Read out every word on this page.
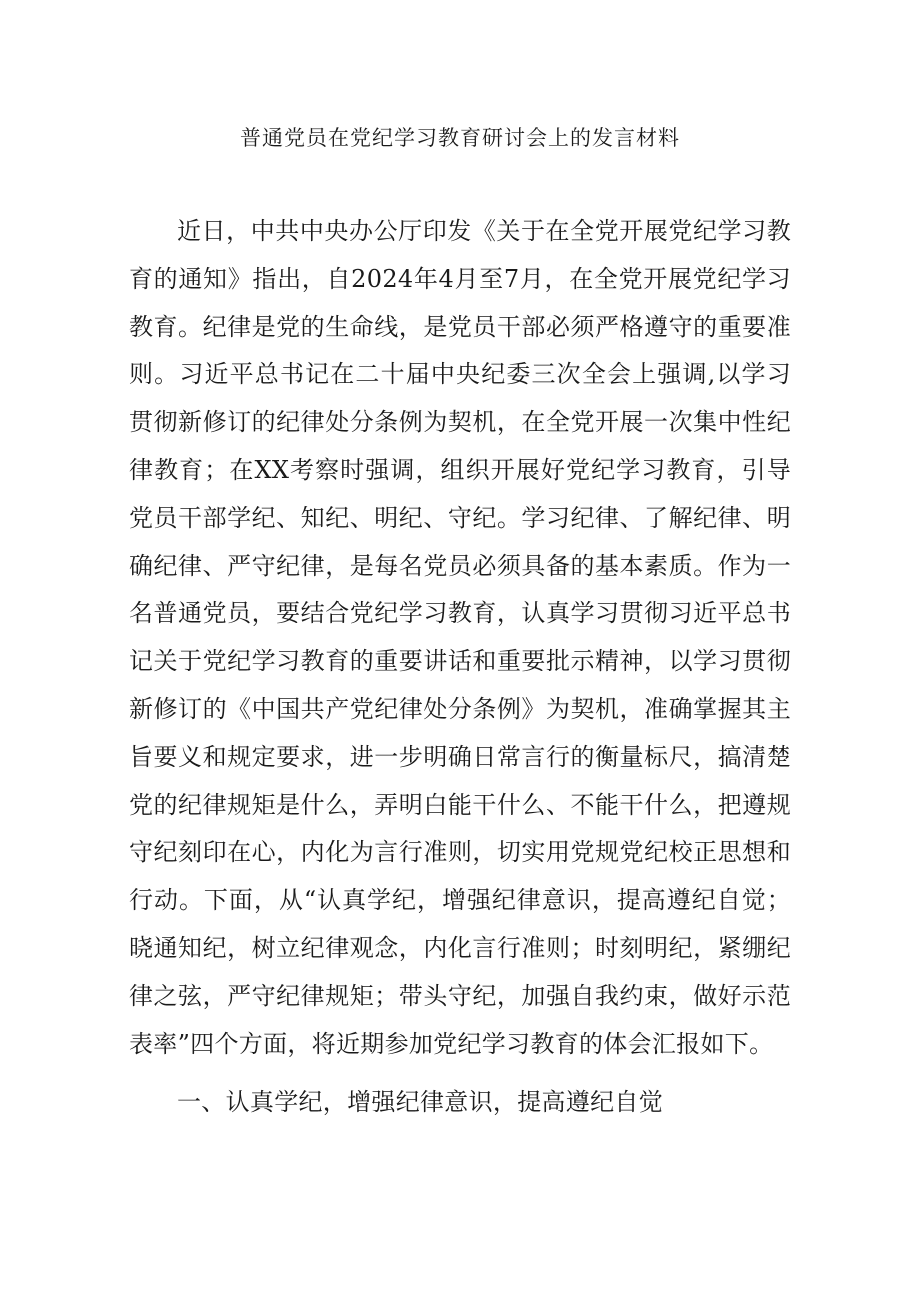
普通党员在党纪学习教育研讨会上的发言材料

近日，中共中央办公厅印发《关于在全党开展党纪学习教育的通知》指出，自2024年4月至7月，在全党开展党纪学习教育。纪律是党的生命线，是党员干部必须严格遵守的重要准则。习近平总书记在二十届中央纪委三次全会上强调,以学习贯彻新修订的纪律处分条例为契机，在全党开展一次集中性纪律教育；在XX考察时强调，组织开展好党纪学习教育，引导党员干部学纪、知纪、明纪、守纪。学习纪律、了解纪律、明确纪律、严守纪律，是每名党员必须具备的基本素质。作为一名普通党员，要结合党纪学习教育，认真学习贯彻习近平总书记关于党纪学习教育的重要讲话和重要批示精神，以学习贯彻新修订的《中国共产党纪律处分条例》为契机，准确掌握其主旨要义和规定要求，进一步明确日常言行的衡量标尺，搞清楚党的纪律规矩是什么，弄明白能干什么、不能干什么，把遵规守纪刻印在心，内化为言行准则，切实用党规党纪校正思想和行动。下面，从“认真学纪，增强纪律意识，提高遵纪自觉；晓通知纪，树立纪律观念，内化言行准则；时刻明纪，紧绷纪律之弦，严守纪律规矩；带头守纪，加强自我约束，做好示范表率”四个方面，将近期参加党纪学习教育的体会汇报如下。

一、认真学纪，增强纪律意识，提高遵纪自觉
